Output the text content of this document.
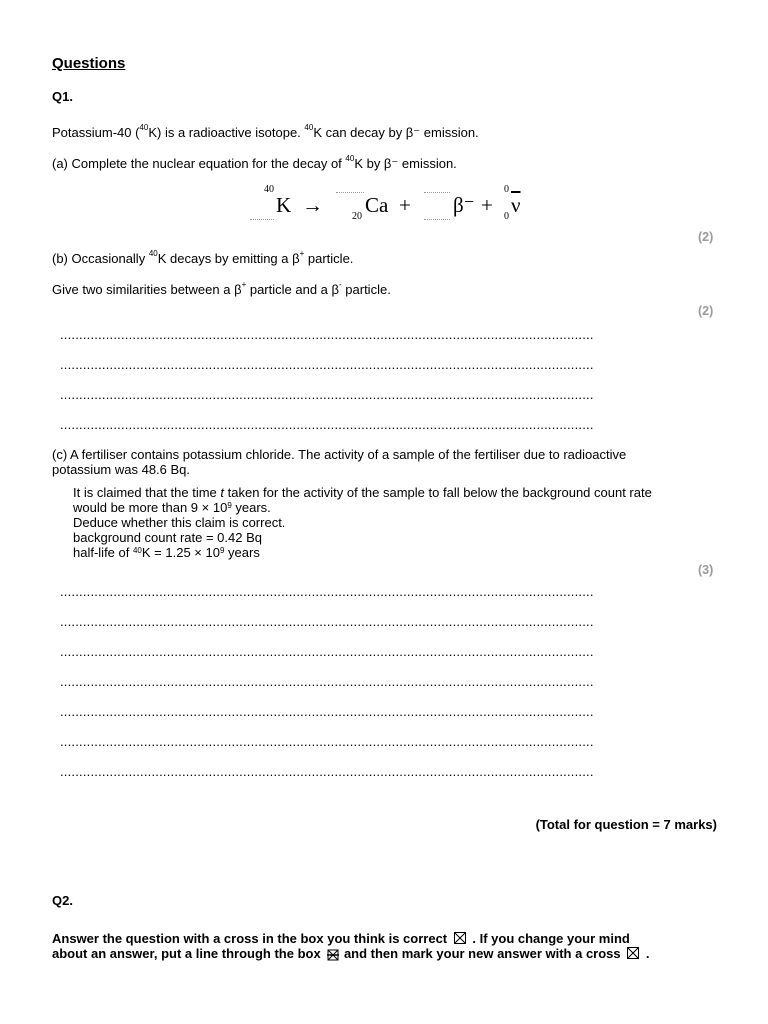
Questions
Q1.
Potassium-40 ($^{40}$K) is a radioactive isotope. $^{40}$K can decay by β⁻ emission.
(a) Complete the nuclear equation for the decay of $^{40}$K by β⁻ emission.
40
K →	20 Ca + β⁻ +
0
0 $\overline{\nu}$
(2)
(b) Occasionally $^{40}$K decays by emitting a β+ particle.
Give two similarities between a β+ particle and a β- particle.
(2)
............................................................................................................................................
............................................................................................................................................
............................................................................................................................................
............................................................................................................................................
(c) A fertiliser contains potassium chloride. The activity of a sample of the fertiliser due to radioactive
potassium was 48.6 Bq.
It is claimed that the time t taken for the activity of the sample to fall below the background count rate
would be more than $9 \times 10^9$ years.
Deduce whether this claim is correct.
background count rate = 0.42 Bq
half-life of $^{40}K = 1.25 \times 10^9$ years
(3)
............................................................................................................................................
............................................................................................................................................
............................................................................................................................................
............................................................................................................................................
............................................................................................................................................
............................................................................................................................................
............................................................................................................................................
(Total for question = 7 marks)
Q2.
Answer the question with a cross in the box you think is correct ☒ . If you change your mind
about an answer, put a line through the box and then mark your new answer with a cross ☒ .
